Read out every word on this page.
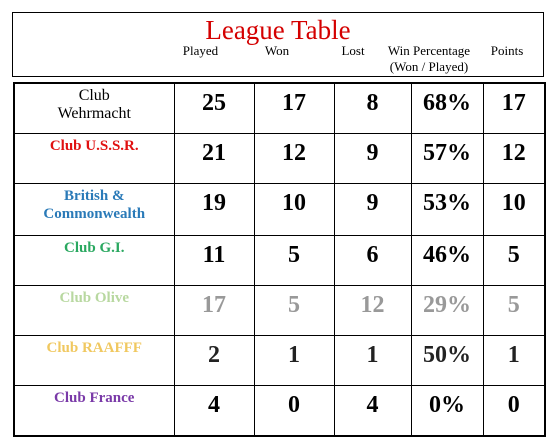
League Table
Played	Won	Lost	Win Percentage
(Won / Played)
Points
Club
Wehrmacht	25	17	8	68%	17

Club U.S.S.R.	21	12	9	57%	12

British &
Commonwealth	19	10	9	53%	10

Club G.I.	11	5	6	46%	5

Club Olive	17	5	12	29%	5

Club RAAFFF	2	1	1	50%	1

Club France	4	0	4	0%	0
